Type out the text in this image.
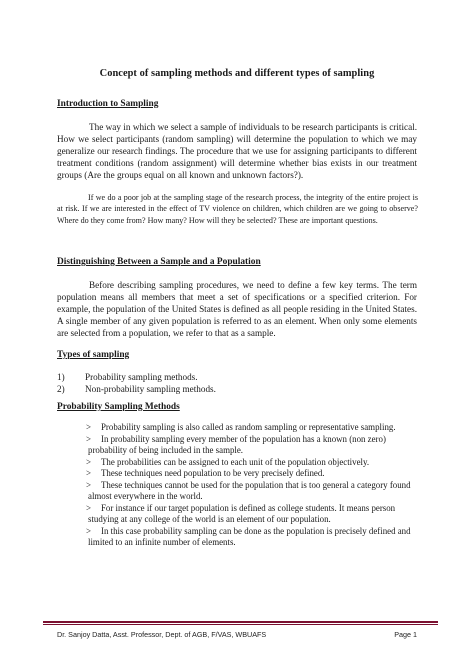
Concept of sampling methods and different types of sampling
Introduction to Sampling

The way in which we select a sample of individuals to be research participants is critical. How we select participants (random sampling) will determine the population to which we may generalize our research findings. The procedure that we use for assigning participants to different treatment conditions (random assignment) will determine whether bias exists in our treatment groups (Are the groups equal on all known and unknown factors?).

If we do a poor job at the sampling stage of the research process, the integrity of the entire project is at risk. If we are interested in the effect of TV violence on children, which children are we going to observe? Where do they come from? How many? How will they be selected? These are important questions.

Distinguishing Between a Sample and a Population

Before describing sampling procedures, we need to define a few key terms. The term population means all members that meet a set of specifications or a specified criterion. For example, the population of the United States is defined as all people residing in the United States. A single member of any given population is referred to as an element. When only some elements are selected from a population, we refer to that as a sample.

Types of sampling
1) Probability sampling methods.
2) Non-probability sampling methods.
Probability Sampling Methods
> Probability sampling is also called as random sampling or representative sampling.
> In probability sampling every member of the population has a known (non zero) probability of being included in the sample.
> The probabilities can be assigned to each unit of the population objectively.
> These techniques need population to be very precisely defined.
> These techniques cannot be used for the population that is too general a category found almost everywhere in the world.
> For instance if our target population is defined as college students. It means person studying at any college of the world is an element of our population.
> In this case probability sampling can be done as the population is precisely defined and limited to an infinite number of elements.
Dr. Sanjoy Datta, Asst. Professor, Dept. of AGB, F/VAS, WBUAFS	Page 1
